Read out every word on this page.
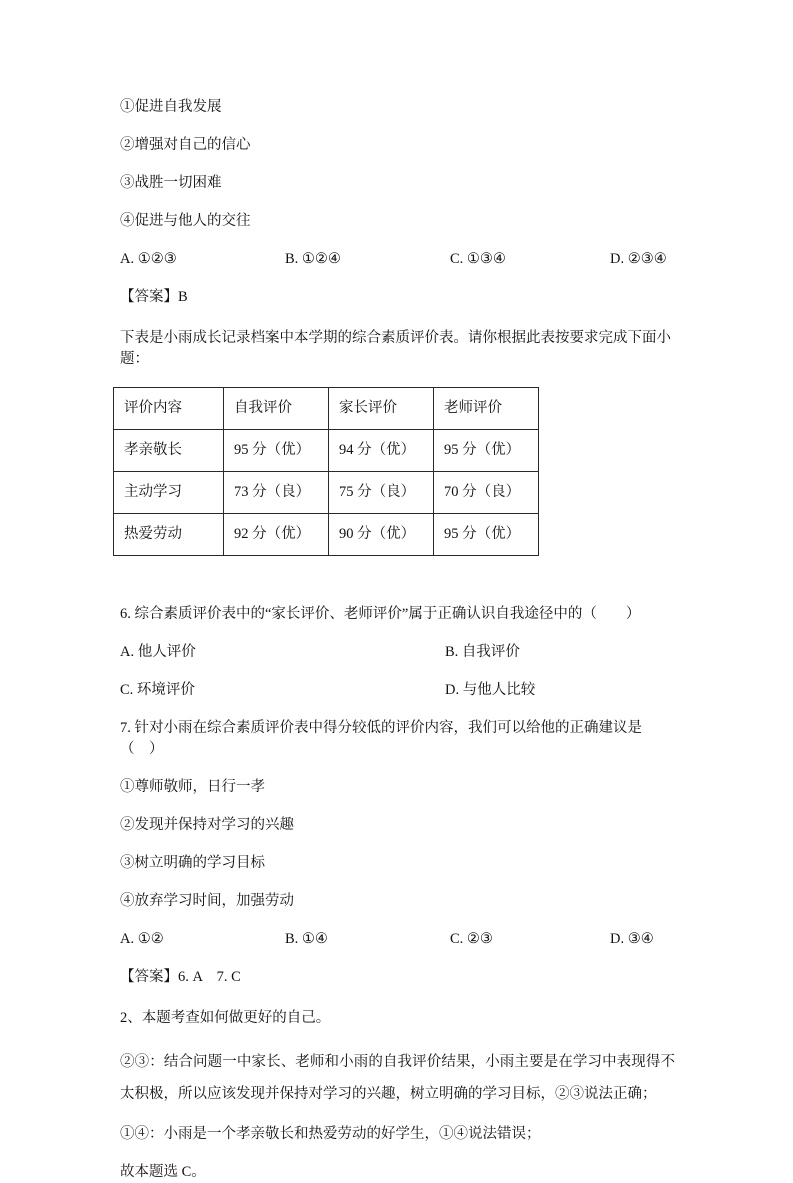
①促进自我发展

②增强对自己的信心

③战胜一切困难

④促进与他人的交往

A. ①②③	B. ①②④	C. ①③④	D. ②③④

【答案】B

下表是小雨成长记录档案中本学期的综合素质评价表。请你根据此表按要求完成下面小题：

评价内容	自我评价	家长评价	老师评价
孝亲敬长	95 分（优）	94 分（优）	95 分（优）
主动学习	73 分（良）	75 分（良）	70 分（良）
热爱劳动	92 分（优）	90 分（优）	95 分（优）

6. 综合素质评价表中的“家长评价、老师评价”属于正确认识自我途径中的（　　）

A. 他人评价	B. 自我评价
C. 环境评价	D. 与他人比较

7. 针对小雨在综合素质评价表中得分较低的评价内容，我们可以给他的正确建议是（　）

①尊师敬师，日行一孝

②发现并保持对学习的兴趣

③树立明确的学习目标

④放弃学习时间，加强劳动

A. ①②	B. ①④	C. ②③	D. ③④

【答案】6. A    7. C

2、本题考查如何做更好的自己。

②③：结合问题一中家长、老师和小雨的自我评价结果，小雨主要是在学习中表现得不太积极，所以应该发现并保持对学习的兴趣，树立明确的学习目标，②③说法正确；

①④：小雨是一个孝亲敬长和热爱劳动的好学生，①④说法错误；

故本题选 C。
